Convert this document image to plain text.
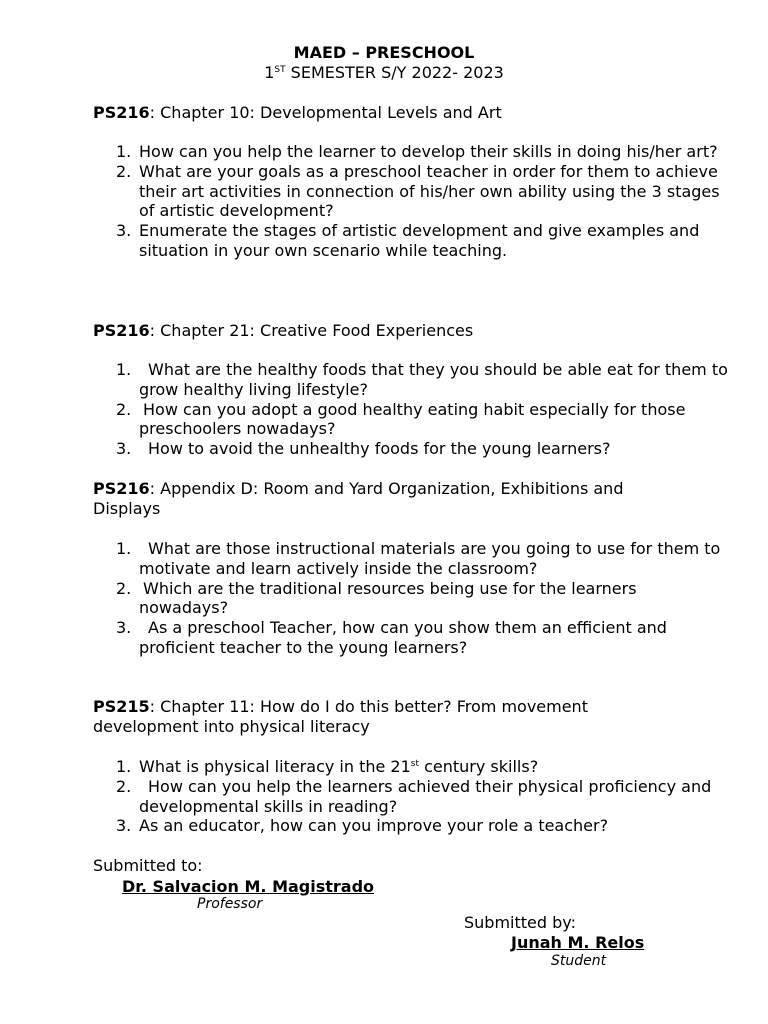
MAED – PRESCHOOL
1ST SEMESTER S/Y 2022- 2023
PS216: Chapter 10: Developmental Levels and Art
1. How can you help the learner to develop their skills in doing his/her art?
2. What are your goals as a preschool teacher in order for them to achieve their art activities in connection of his/her own ability using the 3 stages of artistic development?
3. Enumerate the stages of artistic development and give examples and situation in your own scenario while teaching.
PS216: Chapter 21: Creative Food Experiences
1. What are the healthy foods that they you should be able eat for them to grow healthy living lifestyle?
2. How can you adopt a good healthy eating habit especially for those preschoolers nowadays?
3. How to avoid the unhealthy foods for the young learners?
PS216: Appendix D: Room and Yard Organization, Exhibitions and Displays
1. What are those instructional materials are you going to use for them to motivate and learn actively inside the classroom?
2. Which are the traditional resources being use for the learners nowadays?
3. As a preschool Teacher, how can you show them an efficient and proficient teacher to the young learners?
PS215: Chapter 11: How do I do this better? From movement development into physical literacy
1. What is physical literacy in the 21st century skills?
2. How can you help the learners achieved their physical proficiency and developmental skills in reading?
3. As an educator, how can you improve your role a teacher?
Submitted to:
Dr. Salvacion M. Magistrado
Professor
Submitted by:
Junah M. Relos
Student
